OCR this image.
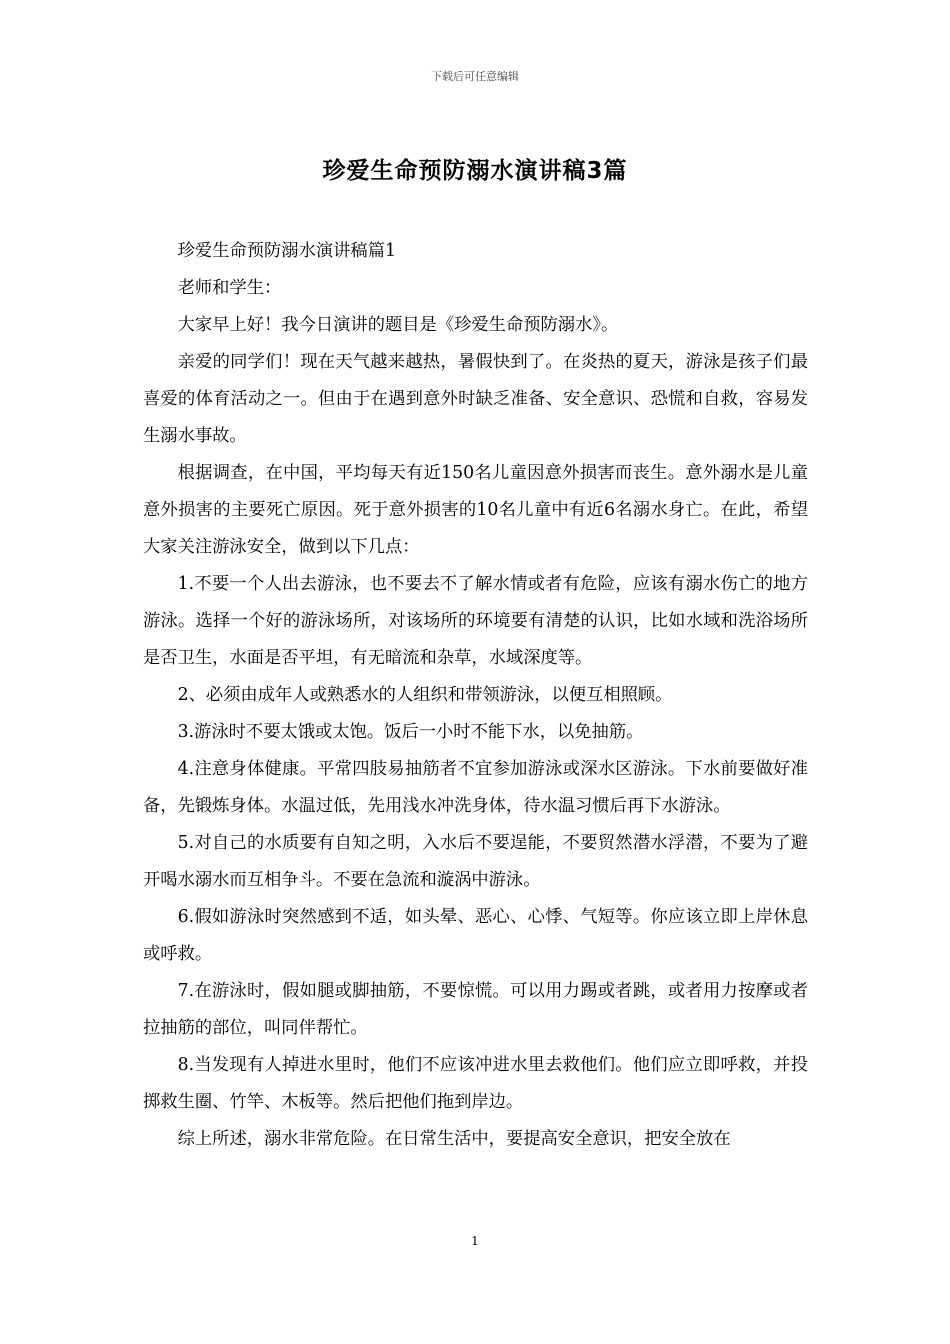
下载后可任意编辑
珍爱生命预防溺水演讲稿3篇

珍爱生命预防溺水演讲稿篇1

老师和学生：

大家早上好！我今日演讲的题目是《珍爱生命预防溺水》。

亲爱的同学们！现在天气越来越热，暑假快到了。在炎热的夏天，游泳是孩子们最喜爱的体育活动之一。但由于在遇到意外时缺乏准备、安全意识、恐慌和自救，容易发生溺水事故。

根据调查，在中国，平均每天有近150名儿童因意外损害而丧生。意外溺水是儿童意外损害的主要死亡原因。死于意外损害的10名儿童中有近6名溺水身亡。在此，希望大家关注游泳安全，做到以下几点：

1.不要一个人出去游泳，也不要去不了解水情或者有危险，应该有溺水伤亡的地方游泳。选择一个好的游泳场所，对该场所的环境要有清楚的认识，比如水域和洗浴场所是否卫生，水面是否平坦，有无暗流和杂草，水域深度等。

2、必须由成年人或熟悉水的人组织和带领游泳，以便互相照顾。

3.游泳时不要太饿或太饱。饭后一小时不能下水，以免抽筋。

4.注意身体健康。平常四肢易抽筋者不宜参加游泳或深水区游泳。下水前要做好准备，先锻炼身体。水温过低，先用浅水冲洗身体，待水温习惯后再下水游泳。

5.对自己的水质要有自知之明，入水后不要逞能，不要贸然潜水浮潜，不要为了避开喝水溺水而互相争斗。不要在急流和漩涡中游泳。

6.假如游泳时突然感到不适，如头晕、恶心、心悸、气短等。你应该立即上岸休息或呼救。

7.在游泳时，假如腿或脚抽筋，不要惊慌。可以用力踢或者跳，或者用力按摩或者拉抽筋的部位，叫同伴帮忙。

8.当发现有人掉进水里时，他们不应该冲进水里去救他们。他们应立即呼救，并投掷救生圈、竹竿、木板等。然后把他们拖到岸边。

综上所述，溺水非常危险。在日常生活中，要提高安全意识，把安全放在

1
